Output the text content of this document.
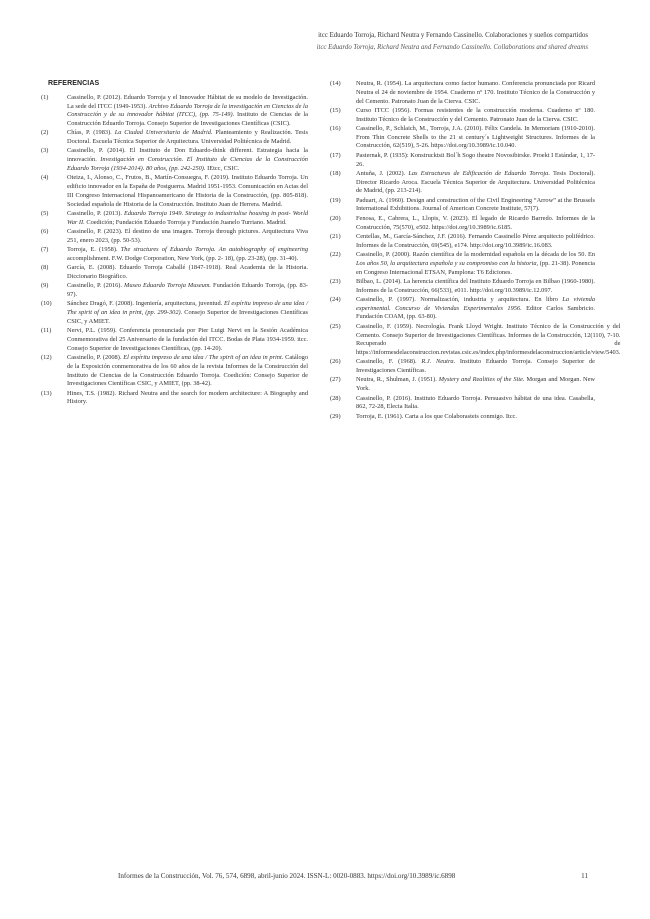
itcc Eduardo Torroja, Richard Neutra y Fernando Cassinello. Colaboraciones y sueños compartidos
itcc Eduardo Torroja, Richard Neutra and Fernando Cassinello. Collaborations and shared dreams
REFERENCIAS
(1)	Cassinello, P. (2012). Eduardo Torroja y el Innovador Hábitat de su modelo de Investigación. La sede del ITCC (1949-1953). Archivo Eduardo Torroja de la investigación en Ciencias de la Construcción y de su innovador hábitat (ITCC), (pp. 75-149). Instituto de Ciencias de la Construcción Eduardo Torroja. Consejo Superior de Investigaciones Científicas (CSIC).
(2)	Chías, P. (1983). La Ciudad Universitaria de Madrid. Planteamiento y Realización. Tesis Doctoral. Escuela Técnica Superior de Arquitectura. Universidad Politécnica de Madrid.
(3)	Cassinello, P. (2014). El Instituto de Don Eduardo-think different. Estrategia hacia la innovación. Investigación en Construcción. El Instituto de Ciencias de la Construcción Eduardo Torroja (1934-2014). 80 años, (pp. 242-250). IEtcc, CSIC.
(4)	Oteiza, I., Alonso, C., Frutos, B., Martín-Consuegra, F. (2019). Instituto Eduardo Torroja. Un edificio innovador en la España de Postguerra. Madrid 1951-1953. Comunicación en Actas del III Congreso Internacional Hispanoamericano de Historia de la Construcción, (pp. 805-818). Sociedad española de Historia de la Construcción. Instituto Juan de Herrera. Madrid.
(5)	Cassinello, P. (2013). Eduardo Torroja 1949. Strategy to industrialise housing in post- World War II. Coedición; Fundación Eduardo Torroja y Fundación Juanelo Turriano. Madrid.
(6)	Cassinello, P. (2023). El destino de una imagen. Torroja through pictures. Arquitectura Viva 251, enero 2023, (pp. 50-53).
(7)	Torroja, E. (1958). The structures of Eduardo Torroja. An autobiography of engineering accomplishment. F.W. Dodge Corporation, New York, (pp. 2- 18), (pp. 23-28), (pp. 31-40).
(8)	García, E. (2008). Eduardo Torroja Caballé (1847-1918). Real Academia de la Historia. Diccionario Biográfico.
(9)	Cassinello, P. (2016). Museo Eduardo Torroja Museum. Fundación Eduardo Torroja, (pp. 83-97).
(10)	Sánchez Dragó, F. (2008). Ingeniería, arquitectura, juventud. El espíritu impreso de una idea / The spirit of an idea in print, (pp. 299-302). Consejo Superior de Investigaciones Científicas CSIC, y AMIET.
(11)	Nervi, P.L. (1959). Conferencia pronunciada por Pier Luigi Nervi en la Sesión Académica Conmemorativa del 25 Aniversario de la fundación del ITCC. Bodas de Plata 1934-1959. itcc. Consejo Superior de Investigaciones Científicas, (pp. 14-20).
(12)	Cassinello, P. (2008). El espíritu impreso de una idea / The spirit of an idea in print. Catálogo de la Exposición conmemorativa de los 60 años de la revista Informes de la Construcción del Instituto de Ciencias de la Construcción Eduardo Torroja. Coedición: Consejo Superior de Investigaciones Científicas CSIC, y AMIET, (pp. 38-42).
(13)	Hines, T.S. (1982). Richard Neutra and the search for modern architecture: A Biography and History.
(14)	Neutra, R. (1954). La arquitectura como factor humano. Conferencia pronunciada por Ricard Neutra el 24 de noviembre de 1954. Cuaderno nº 170. Instituto Técnico de la Construcción y del Cemento. Patronato Juan de la Cierva. CSIC.
(15)	Curso ITCC (1956). Formas resistentes de la construcción moderna. Cuaderno nº 180. Instituto Técnico de la Construcción y del Cemento. Patronato Juan de la Cierva. CSIC.
(16)	Cassinello, P., Schlaich, M., Torroja, J.A. (2010). Félix Candela. In Memoriam (1910-2010). From Thin Concrete Shells to the 21 st century´s Lightweight Structures. Informes de la Construcción, 62(519), 5-26. https://doi.org/10.3989/ic.10.040.
(17)	Pasternak, P. (1935): Konstrucktsii Bol´h Sogo theatre Novosibirske. Proekt I Estándar, 1, 17-26.
(18)	Antuña, J. (2002). Las Estructuras de Edificación de Eduardo Torroja. Tesis Doctoral). Director Ricardo Aroca. Escuela Técnica Superior de Arquitectura. Universidad Politécnica de Madrid, (pp. 213-214).
(19)	Paduart, A. (1960). Design and construction of the Civil Engineering “Arrow” at the Brussels International Exhibitions. Journal of American Concrete Institute, 57(7).
(20)	Fenosa, E., Cabrera, L., Llopis, V. (2023). El legado de Ricardo Barredo. Informes de la Construcción, 75(570), e502. https://doi.org/10.3989/ic.6185.
(21)	Centellas, M., García-Sánchez, J.F. (2016). Fernando Cassinello Pérez arquitecto polifédrico. Informes de la Construcción, 69(545), e174. http://doi.org/10.3989/ic.16.083.
(22)	Cassinello, P. (2000). Razón científica de la modernidad española en la década de los 50. En Los años 50, la arquitectura española y su compromiso con la historia, (pp. 21-38). Ponencia en Congreso Internacional ETSAN, Pamplona: T6 Ediciones.
(23)	Bilbao, L. (2014). La herencia científica del Instituto Eduardo Torroja en Bilbao (1960-1980). Informes de la Construcción, 66(533), e011. http://doi.org/10.3989/ic.12.097.
(24)	Cassinello, P. (1997). Normalización, industria y arquitectura. En libro La vivienda experimental. Concurso de Viviendas Experimentales 1956. Editor Carlos Sambricio. Fundación COAM, (pp. 63-80).
(25)	Cassinello, F. (1959). Necrología. Frank Lloyd Wright. Instituto Técnico de la Construcción y del Cemento. Consejo Superior de Investigaciones Científicas. Informes de la Construcción, 12(110), 7-10. Recuperado de https://informesdelaconstruccion.revistas.csic.es/index.php/informesdelaconstruccion/article/view/5403.
(26)	Cassinello, F. (1968). R.J. Neutra. Instituto Eduardo Torroja. Consejo Superior de Investigaciones Científicas.
(27)	Neutra, R., Shulman, J. (1951). Mystery and Realities of the Site. Morgan and Morgan. New York.
(28)	Cassinello, P. (2016). Instituto Eduardo Torroja. Persuasivo hábitat de una idea. Casabella, 862, 72-28, Electa Italia.
(29)	Torroja, E. (1961). Carta a los que Colaborasteis conmigo. Itcc.
Informes de la Construcción, Vol. 76, 574, 6898, abril-junio 2024. ISSN-L: 0020-0883. https://doi.org/10.3989/ic.6898	11
